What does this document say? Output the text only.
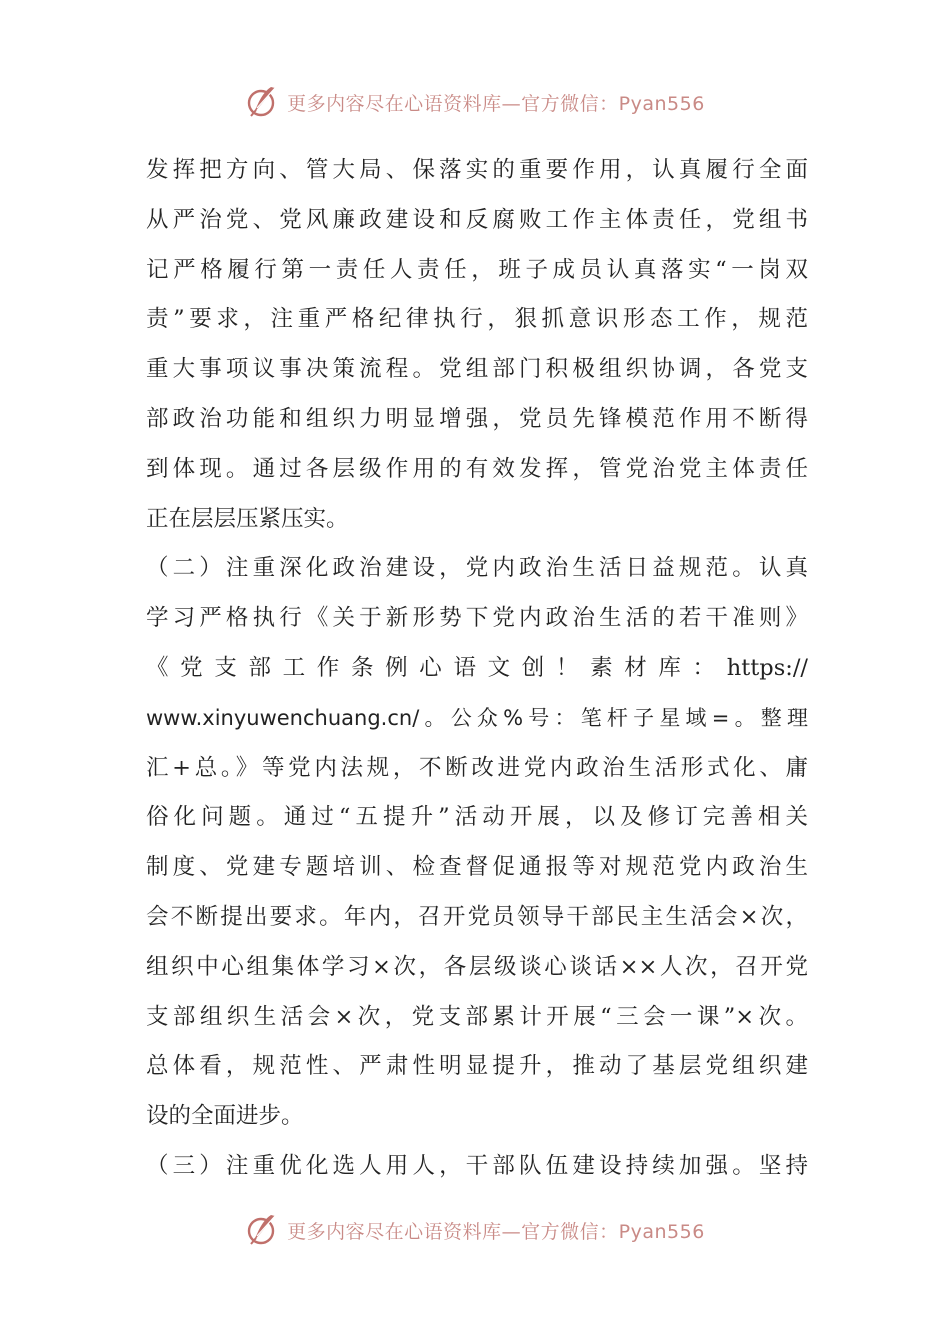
更多内容尽在心语资料库—官方微信：Pyan556
发挥把方向、管大局、保落实的重要作用，认真履行全面
从严治党、党风廉政建设和反腐败工作主体责任，党组书
记严格履行第一责任人责任，班子成员认真落实“一岗双
责”要求，注重严格纪律执行，狠抓意识形态工作，规范
重大事项议事决策流程。党组部门积极组织协调，各党支
部政治功能和组织力明显增强，党员先锋模范作用不断得
到体现。通过各层级作用的有效发挥，管党治党主体责任
正在层层压紧压实。
（二）注重深化政治建设，党内政治生活日益规范。认真
学习严格执行《关于新形势下党内政治生活的若干准则》
《党支部工作条例心语文创！素材库：https://
www.xinyuwenchuang.cn/。公众%号：笔杆子星域=。整理
汇+总。》等党内法规，不断改进党内政治生活形式化、庸
俗化问题。通过“五提升”活动开展，以及修订完善相关
制度、党建专题培训、检查督促通报等对规范党内政治生
会不断提出要求。年内，召开党员领导干部民主生活会×次，
组织中心组集体学习×次，各层级谈心谈话××人次，召开党
支部组织生活会×次，党支部累计开展“三会一课”×次。
总体看，规范性、严肃性明显提升，推动了基层党组织建
设的全面进步。
（三）注重优化选人用人，干部队伍建设持续加强。坚持
更多内容尽在心语资料库—官方微信：Pyan556
